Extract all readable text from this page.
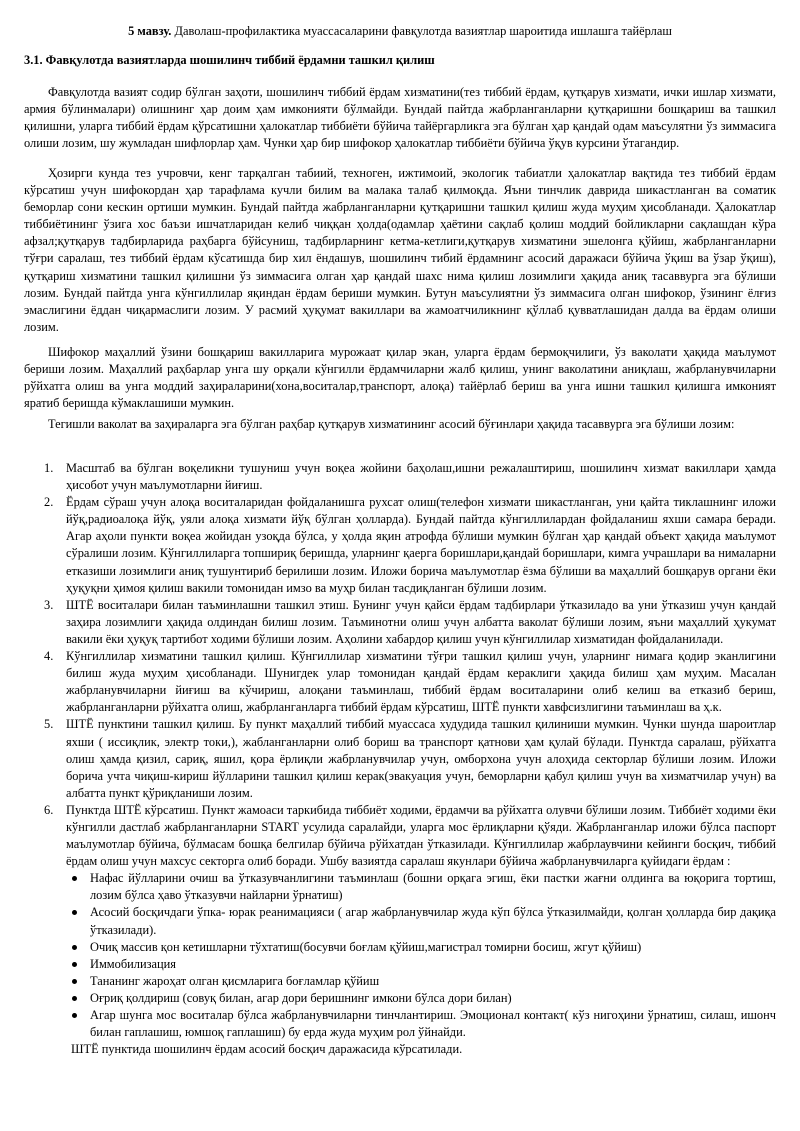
5 мавзу. Даволаш-профилактика муассасаларини фавқулотда вазиятлар шароитида ишлашга тайёрлаш
3.1. Фавқулотда вазиятларда шошилинч тиббий ёрдамни ташкил қилиш

Фавқулотда вазият содир бўлган заҳоти, шошилинч тиббий ёрдам хизматини(тез тиббий ёрдам, қутқарув хизмати, ички ишлар хизмати, армия бўлинмалари) олишнинг ҳар доим ҳам имконияти бўлмайди. Бундай пайтда жабрланганларни қутқаришни бошқариш ва ташкил қилишни, уларга тиббий ёрдам қўрсатишни ҳалокатлар тиббиёти бўйича тайёргарликга эга бўлган ҳар қандай одам маъсулятни ўз зиммасига олиши лозим, шу жумладан шифлорлар ҳам. Чунки ҳар бир шифокор ҳалокатлар тиббиёти бўйича ўқув курсини ўтагандир.

Ҳозирги кунда тез учровчи, кенг тарқалган табиий, техноген, ижтимоий, экологик табиатли ҳалокатлар вақтида тез тиббий ёрдам кўрсатиш учун шифокордан ҳар тарафлама кучли билим ва малака талаб қилмоқда. Яъни тинчлик даврида шикастланган ва соматик беморлар сони кескин ортиши мумкин. Бундай пайтда жабрланганларни қутқаришни ташкил қилиш жуда муҳим ҳисобланади. Ҳалокатлар тиббиётининг ўзига хос баъзи ишчатларидан келиб чиққан ҳолда(одамлар ҳаётини сақлаб қолиш моддий бойликларни сақлашдан кўра афзал;қутқарув тадбирларида раҳбарга бўйсуниш, тадбирларнинг кетма-кетлиги,қутқарув хизматини эшелонга қўйиш, жабрланганларни тўғри саралаш, тез тиббий ёрдам кўсатишда бир хил ёндашув, шошилинч тибий ёрдамнинг асосий даражаси бўйича ўқиш ва ўзар ўқиш), қутқариш хизматини ташкил қилишни ўз зиммасига олган ҳар қандай шахс нима қилиш лозимлиги ҳақида аниқ тасаввурга эга бўлиши лозим. Бундай пайтда унга кўнгиллилар яқиндан ёрдам бериши мумкин. Бутун маъсулиятни ўз зиммасига олган шифокор, ўзининг ёлғиз эмаслигини ёддан чиқармаслиги лозим. У расмий ҳуқумат вакиллари ва жамоатчиликнинг қўллаб қувватлашидан далда ва ёрдам олиши лозим.

Шифокор маҳаллий ўзини бошқариш вакилларига мурожаат қилар экан, уларга ёрдам бермоқчилиги, ўз ваколати ҳақида маълумот бериши лозим. Маҳаллий раҳбарлар унга шу орқали кўнгилли ёрдамчиларни жалб қилиш, унинг ваколатини аниқлаш, жабрланувчиларни рўйхатга олиш ва унга моддий заҳираларини(хона,воситалар,транспорт, алоқа) тайёрлаб бериш ва унга ишни ташкил қилишга имконият яратиб беришда кўмаклашиши мумкин.

Тегишли ваколат ва заҳираларга эга бўлган раҳбар қутқарув хизматининг асосий бўғинлари ҳақида тасаввурга эга бўлиши лозим:

1. Масштаб ва бўлган воқеликни тушуниш учун воқеа жойини баҳолаш,ишни режалаштириш, шошилинч хизмат вакиллари ҳамда ҳисобот учун маълумотларни йиғиш.
2. Ёрдам сўраш учун алоқа воситаларидан фойдаланишга рухсат олиш(телефон хизмати шикастланган, уни қайта тиклашнинг иложи йўқ,радиоалоқа йўқ, уяли алоқа хизмати йўқ бўлган ҳолларда). Бундай пайтда кўнгиллилардан фойдаланиш яхши самара беради. Агар аҳоли пункти воқеа жойидан узоқда бўлса, у ҳолда яқин атрофда бўлиши мумкин бўлган ҳар қандай объект ҳақида маълумот сўралиши лозим. Кўнгиллиларга топшириқ беришда, уларнинг қаерга боришлари,қандай боришлари, кимга учрашлари ва нималарни етказиши лозимлиги аниқ тушунтириб берилиши лозим. Иложи борича маълумотлар ёзма бўлиши ва маҳаллий бошқарув органи ёки ҳуқуқни ҳимоя қилиш вакили томонидан имзо ва муҳр билан тасдиқланган бўлиши лозим.
3. ШТЁ воситалари билан таъминлашни ташкил этиш. Бунинг учун қайси ёрдам тадбирлари ўтказиладо ва уни ўтказиш учун қандай заҳира лозимлиги ҳақида олдиндан билиш лозим. Таъминотни олиш учун албатта ваколат бўлиши лозим, яъни маҳаллий ҳукумат вакили ёки ҳуқуқ тартибот ходими бўлиши лозим. Аҳолини хабардор қилиш учун кўнгиллилар хизматидан фойдаланилади.
4. Кўнгиллилар хизматини ташкил қилиш. Кўнгиллилар хизматини тўғри ташкил қилиш учун, уларнинг нимага қодир эканлигини билиш жуда муҳим ҳисобланади. Шунигдек улар томонидан қандай ёрдам кераклиги ҳақида билиш ҳам муҳим. Масалан жабрланувчиларни йиғиш ва кўчириш, алоқани таъминлаш, тиббий ёрдам воситаларини олиб келиш ва етказиб бериш, жабрланганларни рўйхатга олиш, жабрланганларга тиббий ёрдам кўрсатиш, ШТЁ пункти хавфсизлигини таъминлаш ва ҳ.к.
5. ШТЁ пунктини ташкил қилиш. Бу пункт маҳаллий тиббий муассаса худудида ташкил қилиниши мумкин. Чунки шунда шароитлар яхши ( иссиқлик, электр токи,), жабланганларни олиб бориш ва транспорт қатнови ҳам қулай бўлади. Пунктда саралаш, рўйхатга олиш ҳамда қизил, сариқ, яшил, қора ёрлиқли жабрланувчилар учун, омборхона учун алоҳида секторлар бўлиши лозим. Иложи борича учта чиқиш-кириш йўлларини ташкил қилиш керак(эвакуация учун, беморларни қабул қилиш учун ва хизматчилар учун) ва албатта пункт қўриқланиши лозим.
6. Пунктда ШТЁ кўрсатиш. Пункт жамоаси таркибида тиббиёт ходими, ёрдамчи ва рўйхатга олувчи бўлиши лозим. Тиббиёт ходими ёки кўнгилли дастлаб жабрланганларни START усулида саралайди, уларга мос ёрлиқларни қўяди. Жабрланганлар иложи бўлса паспорт маълумотлар бўйича, бўлмасам бошқа белгилар бўйича рўйхатдан ўтказилади. Кўнгиллилар жабрлаувчини кейинги босқич, тиббий ёрдам олиш учун махсус секторга олиб боради. Ушбу вазиятда саралаш якунлари бўйича жабрланувчиларга қуйидаги ёрдам :
Нафас йўлларини очиш ва ўтказувчанлигини таъминлаш (бошни орқага эгиш, ёки пастки жағни олдинга ва юқорига тортиш, лозим бўлса ҳаво ўтказувчи найларни ўрнатиш)
Асосий босқичдаги ўпка- юрак реанимацияси ( агар жабрланувчилар жуда кўп бўлса ўтказилмайди, қолган ҳолларда бир дақиқа ўтказилади).
Очиқ массив қон кетишларни тўхтатиш(босувчи боғлам қўйиш,магистрал томирни босиш, жгут қўйиш)
Иммобилизация
Тананинг жароҳат олган қисмларига боғламлар қўйиш
Оғриқ қолдириш (совуқ билан, агар дори беришнинг имкони бўлса дори билан)
Агар шунга мос воситалар бўлса жабрланувчиларни тинчлантириш. Эмоционал контакт( кўз нигоҳини ўрнатиш, силаш, ишонч билан гаплашиш, юмшоқ гаплашиш) бу ерда жуда муҳим рол ўйнайди.
ШТЁ пунктида шошилинч ёрдам асосий босқич даражасида кўрсатилади.
